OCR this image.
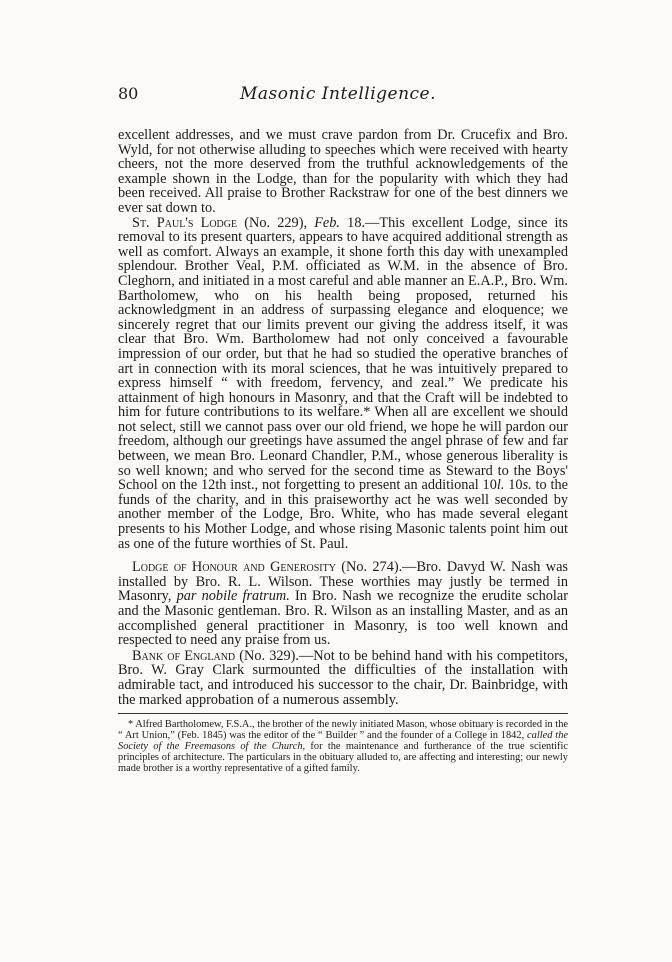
80	Masonic Intelligence.

excellent addresses, and we must crave pardon from Dr. Crucefix and Bro. Wyld, for not otherwise alluding to speeches which were received with hearty cheers, not the more deserved from the truthful acknowledgements of the example shown in the Lodge, than for the popularity with which they had been received. All praise to Brother Rackstraw for one of the best dinners we ever sat down to.

St. Paul's Lodge (No. 229), Feb. 18.—This excellent Lodge, since its removal to its present quarters, appears to have acquired additional strength as well as comfort. Always an example, it shone forth this day with unexampled splendour. Brother Veal, P.M. officiated as W.M. in the absence of Bro. Cleghorn, and initiated in a most careful and able manner an E.A.P., Bro. Wm. Bartholomew, who on his health being proposed, returned his acknowledgment in an address of surpassing elegance and eloquence; we sincerely regret that our limits prevent our giving the address itself, it was clear that Bro. Wm. Bartholomew had not only conceived a favourable impression of our order, but that he had so studied the operative branches of art in connection with its moral sciences, that he was intuitively prepared to express himself “ with freedom, fervency, and zeal.” We predicate his attainment of high honours in Masonry, and that the Craft will be indebted to him for future contributions to its welfare.* When all are excellent we should not select, still we cannot pass over our old friend, we hope he will pardon our freedom, although our greetings have assumed the angel phrase of few and far between, we mean Bro. Leonard Chandler, P.M., whose generous liberality is so well known; and who served for the second time as Steward to the Boys' School on the 12th inst., not forgetting to present an additional 10l. 10s. to the funds of the charity, and in this praiseworthy act he was well seconded by another member of the Lodge, Bro. White, who has made several elegant presents to his Mother Lodge, and whose rising Masonic talents point him out as one of the future worthies of St. Paul.

Lodge of Honour and Generosity (No. 274).—Bro. Davyd W. Nash was installed by Bro. R. L. Wilson. These worthies may justly be termed in Masonry, par nobile fratrum. In Bro. Nash we recognize the erudite scholar and the Masonic gentleman. Bro. R. Wilson as an installing Master, and as an accomplished general practitioner in Masonry, is too well known and respected to need any praise from us.

Bank of England (No. 329).—Not to be behind hand with his competitors, Bro. W. Gray Clark surmounted the difficulties of the installation with admirable tact, and introduced his successor to the chair, Dr. Bainbridge, with the marked approbation of a numerous assembly.

* Alfred Bartholomew, F.S.A., the brother of the newly initiated Mason, whose obituary is recorded in the “ Art Union,” (Feb. 1845) was the editor of the “ Builder ” and the founder of a College in 1842, called the Society of the Freemasons of the Church, for the maintenance and furtherance of the true scientific principles of architecture. The particulars in the obituary alluded to, are affecting and interesting; our newly made brother is a worthy representative of a gifted family.
